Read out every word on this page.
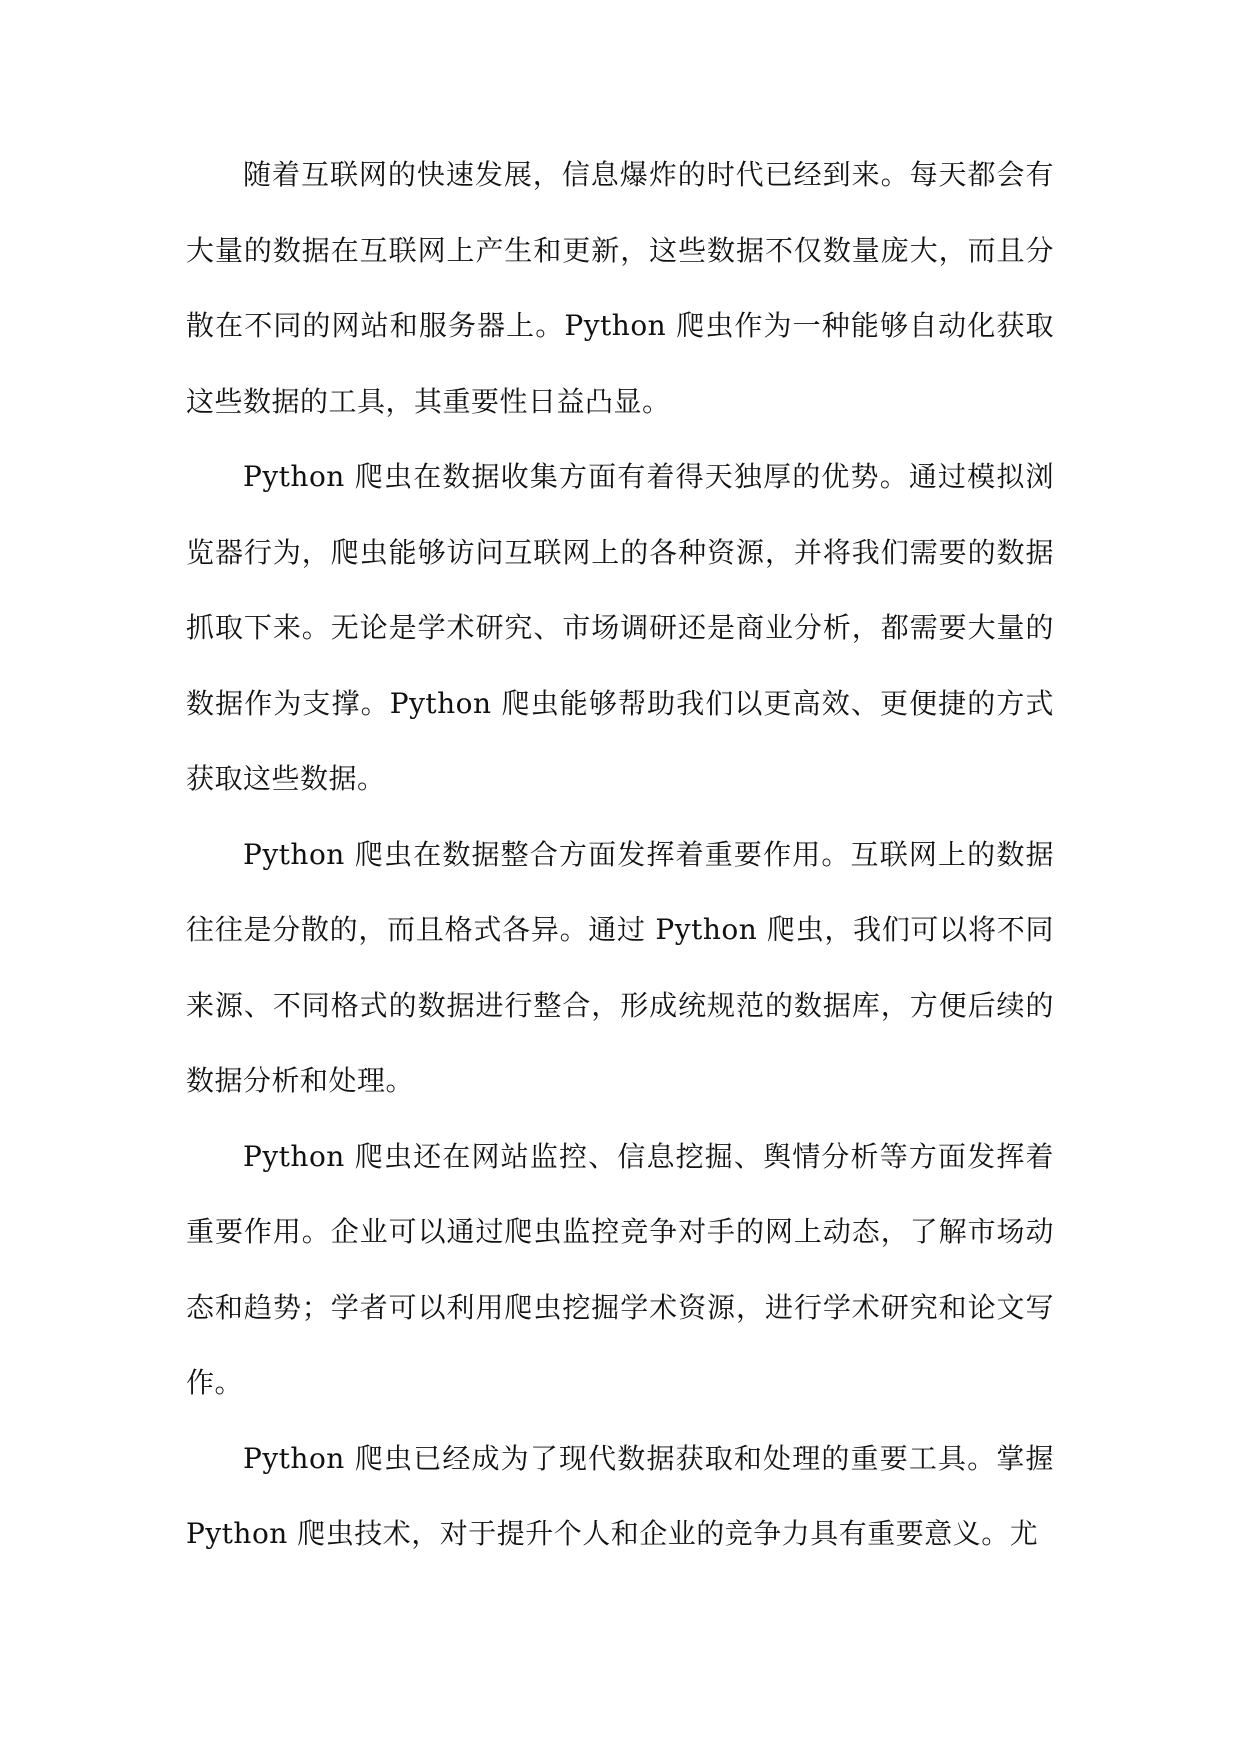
随着互联网的快速发展，信息爆炸的时代已经到来。每天都会有大量的数据在互联网上产生和更新，这些数据不仅数量庞大，而且分散在不同的网站和服务器上。Python 爬虫作为一种能够自动化获取这些数据的工具，其重要性日益凸显。

Python 爬虫在数据收集方面有着得天独厚的优势。通过模拟浏览器行为，爬虫能够访问互联网上的各种资源，并将我们需要的数据抓取下来。无论是学术研究、市场调研还是商业分析，都需要大量的数据作为支撑。Python 爬虫能够帮助我们以更高效、更便捷的方式获取这些数据。

Python 爬虫在数据整合方面发挥着重要作用。互联网上的数据往往是分散的，而且格式各异。通过 Python 爬虫，我们可以将不同来源、不同格式的数据进行整合，形成统规范的数据库，方便后续的数据分析和处理。

Python 爬虫还在网站监控、信息挖掘、舆情分析等方面发挥着重要作用。企业可以通过爬虫监控竞争对手的网上动态，了解市场动态和趋势；学者可以利用爬虫挖掘学术资源，进行学术研究和论文写作。

Python 爬虫已经成为了现代数据获取和处理的重要工具。掌握 Python 爬虫技术，对于提升个人和企业的竞争力具有重要意义。尤
